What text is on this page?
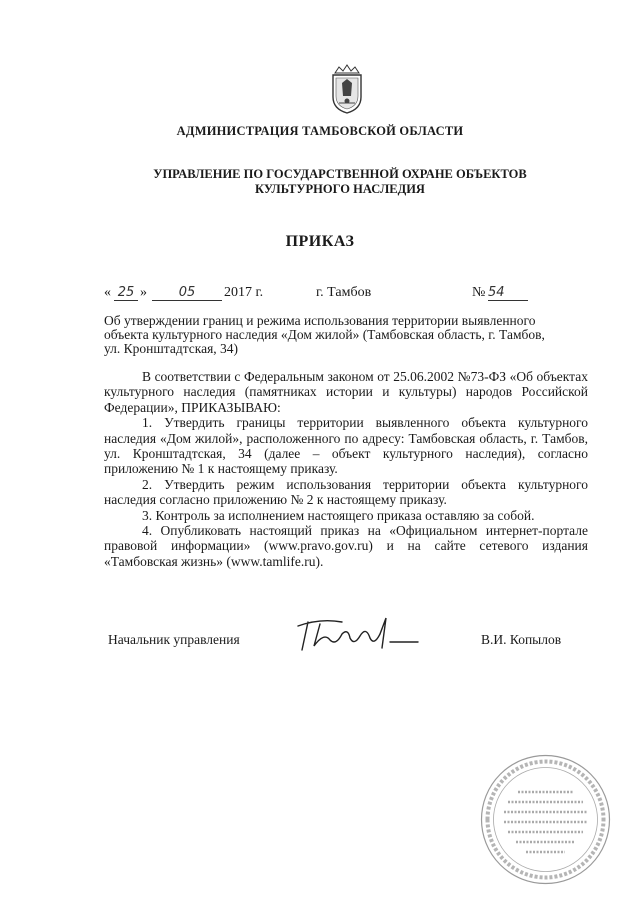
АДМИНИСТРАЦИЯ ТАМБОВСКОЙ ОБЛАСТИ
УПРАВЛЕНИЕ ПО ГОСУДАРСТВЕННОЙ ОХРАНЕ ОБЪЕКТОВ
КУЛЬТУРНОГО НАСЛЕДИЯ
ПРИКАЗ
« 25 »	05	2017 г.	г. Тамбов	№ 54
Об утверждении границ и режима использования территории выявленного
объекта культурного наследия «Дом жилой» (Тамбовская область, г. Тамбов,
ул. Кронштадтская, 34)

В соответствии с Федеральным законом от 25.06.2002 №73-ФЗ «Об объектах культурного наследия (памятниках истории и культуры) народов Российской Федерации», ПРИКАЗЫВАЮ:

1. Утвердить границы территории выявленного объекта культурного наследия «Дом жилой», расположенного по адресу: Тамбовская область, г. Тамбов, ул. Кронштадтская, 34 (далее – объект культурного наследия), согласно приложению № 1 к настоящему приказу.

2. Утвердить режим использования территории объекта культурного наследия согласно приложению № 2 к настоящему приказу.

3. Контроль за исполнением настоящего приказа оставляю за собой.

4. Опубликовать настоящий приказ на «Официальном интернет-портале правовой информации» (www.pravo.gov.ru) и на сайте сетевого издания «Тамбовская жизнь» (www.tamlife.ru).

Начальник управления	В.И. Копылов
